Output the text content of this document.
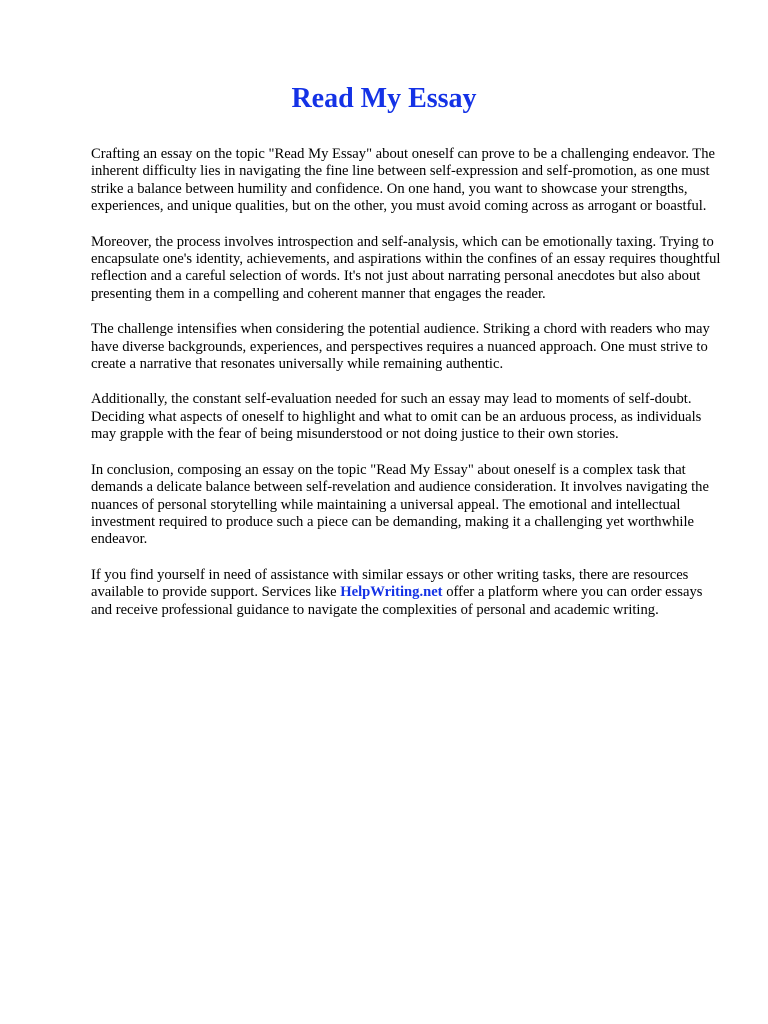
Read My Essay

Crafting an essay on the topic "Read My Essay" about oneself can prove to be a challenging endeavor. The inherent difficulty lies in navigating the fine line between self-expression and self-promotion, as one must strike a balance between humility and confidence. On one hand, you want to showcase your strengths, experiences, and unique qualities, but on the other, you must avoid coming across as arrogant or boastful.

Moreover, the process involves introspection and self-analysis, which can be emotionally taxing. Trying to encapsulate one's identity, achievements, and aspirations within the confines of an essay requires thoughtful reflection and a careful selection of words. It's not just about narrating personal anecdotes but also about presenting them in a compelling and coherent manner that engages the reader.

The challenge intensifies when considering the potential audience. Striking a chord with readers who may have diverse backgrounds, experiences, and perspectives requires a nuanced approach. One must strive to create a narrative that resonates universally while remaining authentic.

Additionally, the constant self-evaluation needed for such an essay may lead to moments of self-doubt. Deciding what aspects of oneself to highlight and what to omit can be an arduous process, as individuals may grapple with the fear of being misunderstood or not doing justice to their own stories.

In conclusion, composing an essay on the topic "Read My Essay" about oneself is a complex task that demands a delicate balance between self-revelation and audience consideration. It involves navigating the nuances of personal storytelling while maintaining a universal appeal. The emotional and intellectual investment required to produce such a piece can be demanding, making it a challenging yet worthwhile endeavor.

If you find yourself in need of assistance with similar essays or other writing tasks, there are resources available to provide support. Services like HelpWriting.net offer a platform where you can order essays and receive professional guidance to navigate the complexities of personal and academic writing.
